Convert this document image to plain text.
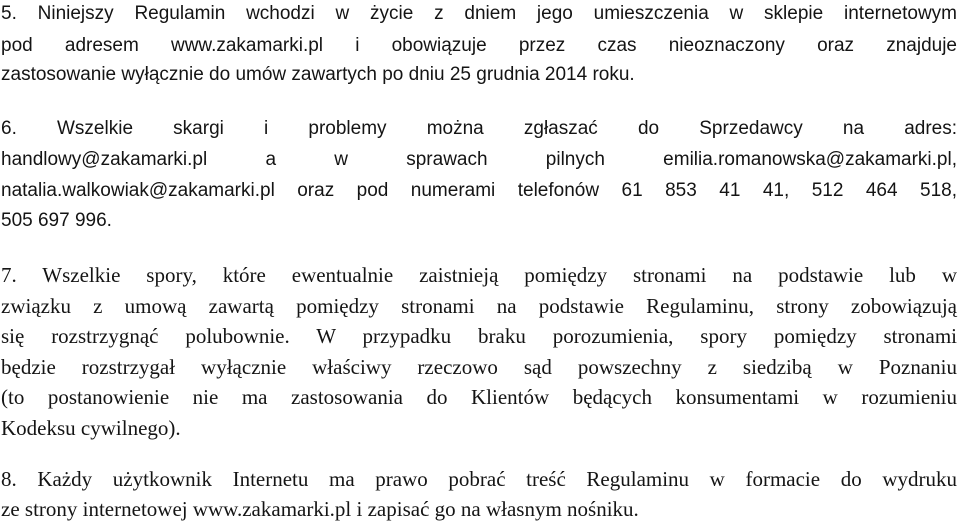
5. Niniejszy Regulamin wchodzi w życie z dniem jego umieszczenia w sklepie internetowym
pod adresem www.zakamarki.pl i obowiązuje przez czas nieoznaczony oraz znajduje
zastosowanie wyłącznie do umów zawartych po dniu 25 grudnia 2014 roku.
6. Wszelkie skargi i problemy można zgłaszać do Sprzedawcy na adres:
handlowy@zakamarki.pl a w sprawach pilnych emilia.romanowska@zakamarki.pl,
natalia.walkowiak@zakamarki.pl oraz pod numerami telefonów 61 853 41 41, 512 464 518,
505 697 996.
7. Wszelkie spory, które ewentualnie zaistnieją pomiędzy stronami na podstawie lub w
związku z umową zawartą pomiędzy stronami na podstawie Regulaminu, strony zobowiązują
się rozstrzygnąć polubownie. W przypadku braku porozumienia, spory pomiędzy stronami
będzie rozstrzygał wyłącznie właściwy rzeczowo sąd powszechny z siedzibą w Poznaniu
(to postanowienie nie ma zastosowania do Klientów będących konsumentami w rozumieniu
Kodeksu cywilnego).
8. Każdy użytkownik Internetu ma prawo pobrać treść Regulaminu w formacie do wydruku
ze strony internetowej www.zakamarki.pl i zapisać go na własnym nośniku.
